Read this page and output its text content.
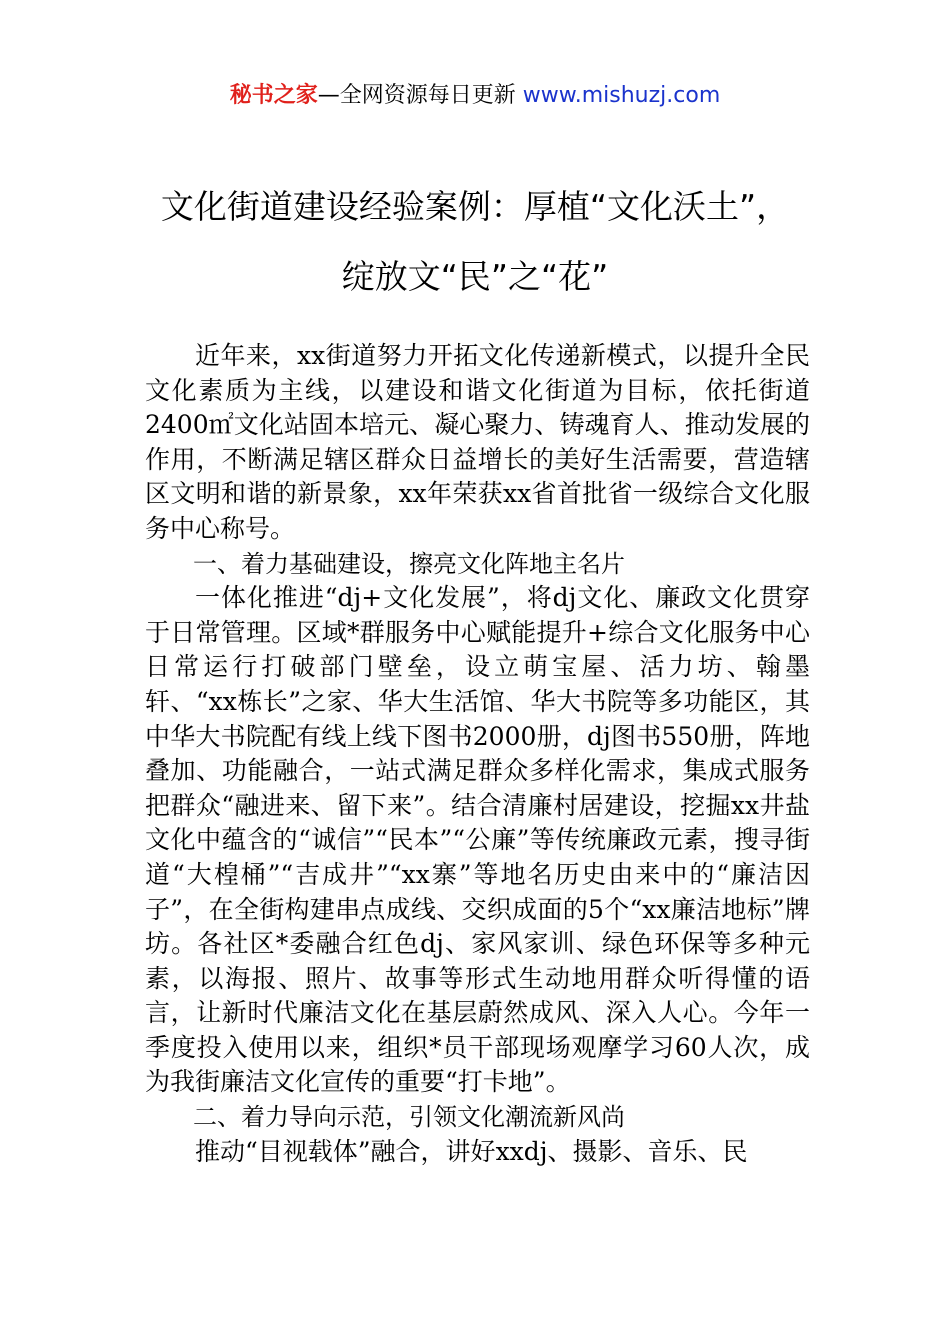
秘书之家—全网资源每日更新 www.mishuzj.com
文化街道建设经验案例：厚植“文化沃土”，绽放文“民”之“花”

近年来，xx街道努力开拓文化传递新模式，以提升全民文化素质为主线，以建设和谐文化街道为目标，依托街道2400㎡文化站固本培元、凝心聚力、铸魂育人、推动发展的作用，不断满足辖区群众日益增长的美好生活需要，营造辖区文明和谐的新景象，xx年荣获xx省首批省一级综合文化服务中心称号。

一、着力基础建设，擦亮文化阵地主名片

一体化推进“dj+文化发展”，将dj文化、廉政文化贯穿于日常管理。区域*群服务中心赋能提升+综合文化服务中心日常运行打破部门壁垒，设立萌宝屋、活力坊、翰墨轩、“xx栋长”之家、华大生活馆、华大书院等多功能区，其中华大书院配有线上线下图书2000册，dj图书550册，阵地叠加、功能融合，一站式满足群众多样化需求，集成式服务把群众“融进来、留下来”。结合清廉村居建设，挖掘xx井盐文化中蕴含的“诚信”“民本”“公廉”等传统廉政元素，搜寻街道“大楻桶”“吉成井”“xx寨”等地名历史由来中的“廉洁因子”，在全街构建串点成线、交织成面的5个“xx廉洁地标”牌坊。各社区*委融合红色dj、家风家训、绿色环保等多种元素，以海报、照片、故事等形式生动地用群众听得懂的语言，让新时代廉洁文化在基层蔚然成风、深入人心。今年一季度投入使用以来，组织*员干部现场观摩学习60人次，成为我街廉洁文化宣传的重要“打卡地”。

二、着力导向示范，引领文化潮流新风尚

推动“目视载体”融合，讲好xxdj、摄影、音乐、民
